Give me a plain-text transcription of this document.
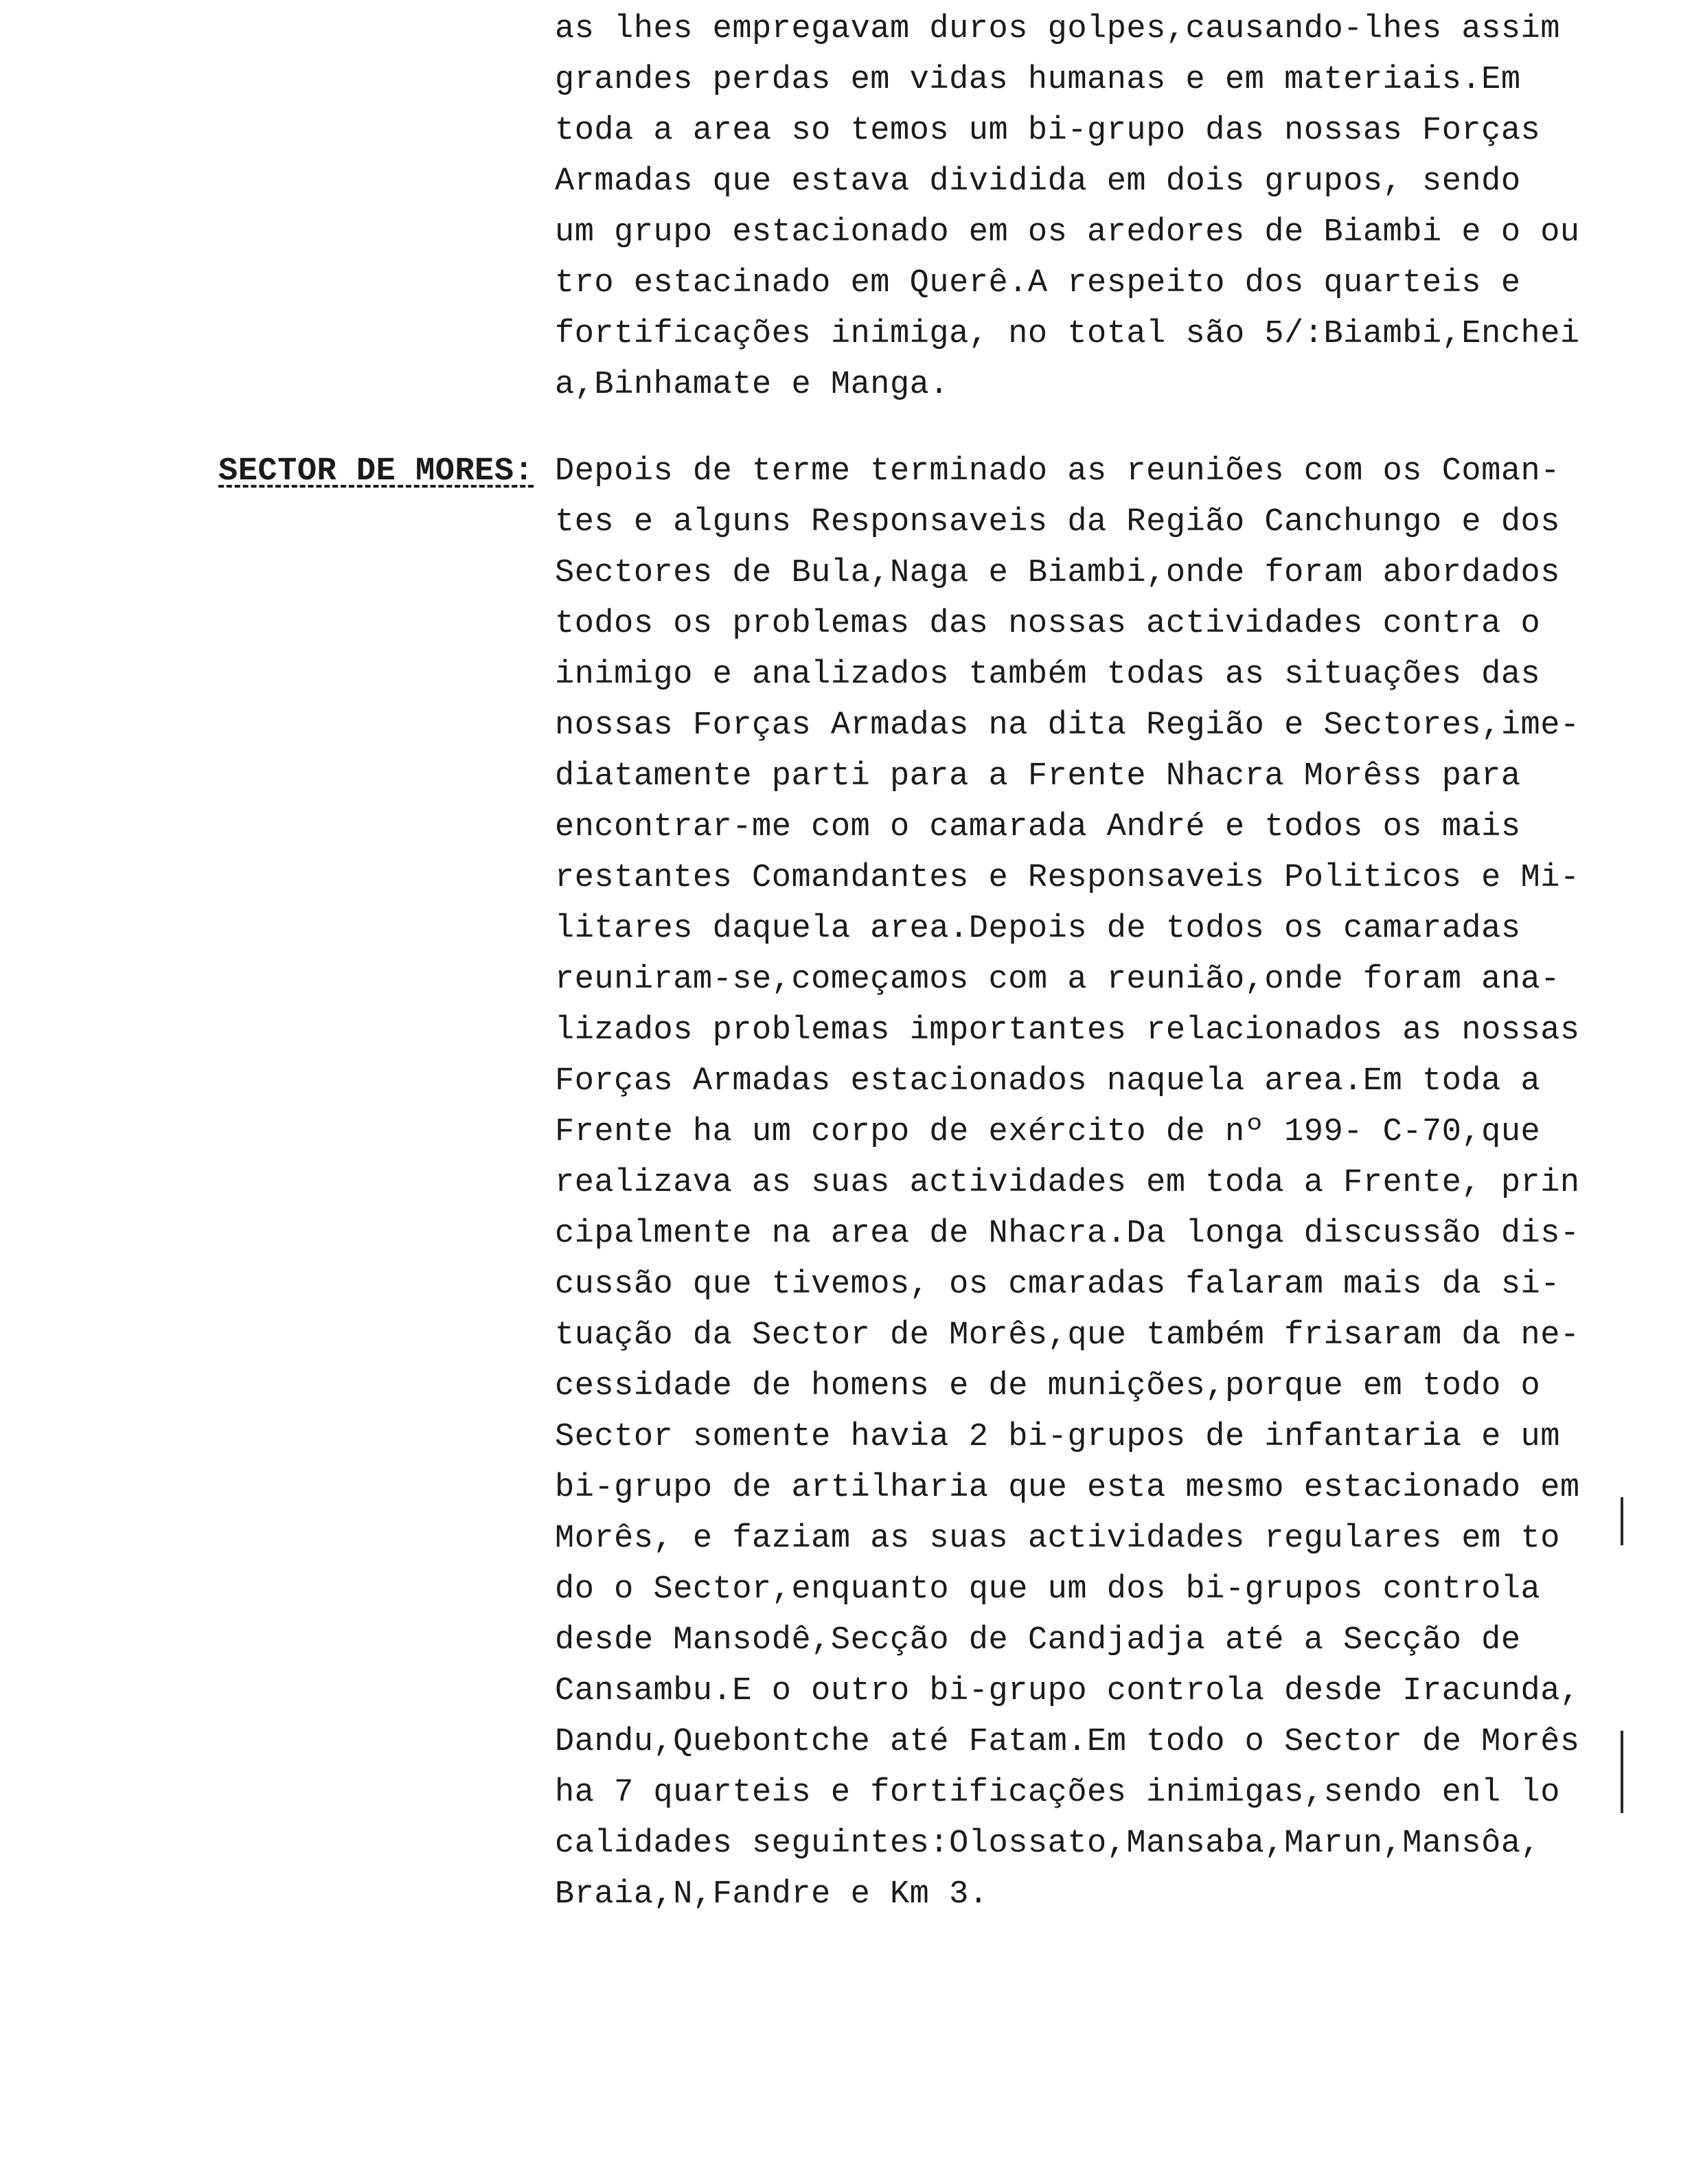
as lhes empregavam duros golpes,causando-lhes assim
grandes perdas em vidas humanas e em materiais.Em
toda a area so temos um bi-grupo das nossas Forças
Armadas que estava dividida em dois grupos, sendo
um grupo estacionado em os aredores de Biambi e o ou
tro estacinado em Querê.A respeito dos quarteis e
fortificações inimiga, no total são 5/:Biambi,Enchei
a,Binhamate e Manga.
SECTOR DE MORES: Depois de terme terminado as reuniões com os Coman-
tes e alguns Responsaveis da Região Canchungo e dos
Sectores de Bula,Naga e Biambi,onde foram abordados
todos os problemas das nossas actividades contra o
inimigo e analizados também todas as situações das
nossas Forças Armadas na dita Região e Sectores,ime-
diatamente parti para a Frente Nhacra Morêss para
encontrar-me com o camarada André e todos os mais
restantes Comandantes e Responsaveis Politicos e Mi-
litares daquela area.Depois de todos os camaradas
reuniram-se,começamos com a reunião,onde foram ana-
lizados problemas importantes relacionados as nossas
Forças Armadas estacionados naquela area.Em toda a
Frente ha um corpo de exército de nº 199- C-70,que
realizava as suas actividades em toda a Frente, prin
cipalmente na area de Nhacra.Da longa discussão dis-
cussão que tivemos, os cmaradas falaram mais da si-
tuação da Sector de Morês,que também frisaram da ne-
cessidade de homens e de munições,porque em todo o
Sector somente havia 2 bi-grupos de infantaria e um
bi-grupo de artilharia que esta mesmo estacionado em
Morês, e faziam as suas actividades regulares em to
do o Sector,enquanto que um dos bi-grupos controla
desde Mansodê,Secção de Candjadja até a Secção de
Cansambu.E o outro bi-grupo controla desde Iracunda,
Dandu,Quebontche até Fatam.Em todo o Sector de Morês
ha 7 quarteis e fortificações inimigas,sendo enl lo
calidades seguintes:Olossato,Mansaba,Marun,Mansôa,
Braia,N,Fandre e Km 3.
